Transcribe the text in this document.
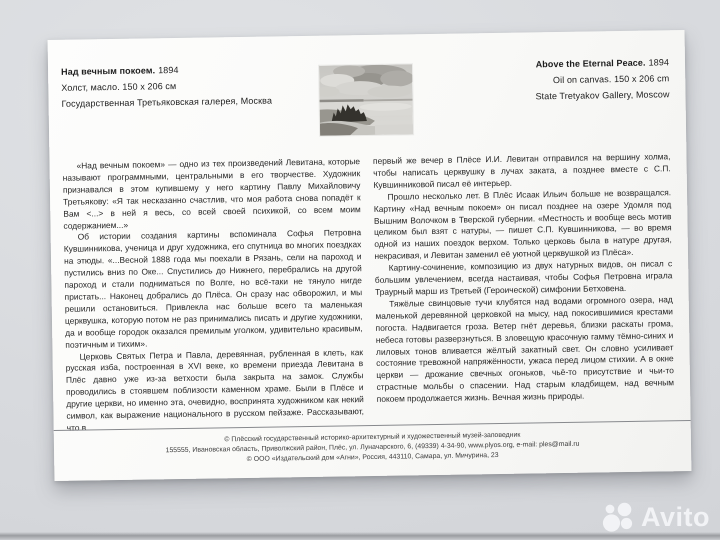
Над вечным покоем. 1894
Холст, масло. 150 х 206 см
Государственная Третьяковская галерея, Москва
Above the Eternal Peace. 1894
Oil on canvas. 150 x 206 cm
State Tretyakov Gallery, Moscow

«Над вечным покоем» — одно из тех произведений Левитана, которые называют программными, центральными в его творчестве. Художник признавался в этом купившему у него картину Павлу Михайловичу Третьякову: «Я так несказанно счастлив, что моя работа снова попадёт к Вам <...> в ней я весь, со всей своей психикой, со всем моим содержанием...»

Об истории создания картины вспоминала Софья Петровна Кувшинникова, ученица и друг художника, его спутница во многих поездках на этюды. «...Весной 1888 года мы поехали в Рязань, сели на пароход и пустились вниз по Оке... Спустились до Нижнего, перебрались на другой пароход и стали подниматься по Волге, но всё-таки не тянуло нигде пристать... Наконец добрались до Плёса. Он сразу нас обворожил, и мы решили остановиться. Привлекла нас больше всего та маленькая церквушка, которую потом не раз принимались писать и другие художники, да и вообще городок оказался премилым уголком, удивительно красивым, поэтичным и тихим».

Церковь Святых Петра и Павла, деревянная, рубленная в клеть, как русская изба, построенная в XVI веке, ко времени приезда Левитана в Плёс давно уже из-за ветхости была закрыта на замок. Службы проводились в стоявшем поблизости каменном храме. Были в Плёсе и другие церкви, но именно эта, очевидно, воспринята художником как некий символ, как выражение национального в русском пейзаже. Рассказывают, что в

первый же вечер в Плёсе И.И. Левитан отправился на вершину холма, чтобы написать церквушку в лучах заката, а позднее вместе с С.П. Кувшинниковой писал её интерьер.

Прошло несколько лет. В Плёс Исаак Ильич больше не возвращался. Картину «Над вечным покоем» он писал позднее на озере Удомля под Вышним Волочком в Тверской губернии. «Местность и вообще весь мотив целиком был взят с натуры, — пишет С.П. Кувшинникова, — во время одной из наших поездок верхом. Только церковь была в натуре другая, некрасивая, и Левитан заменил её уютной церквушкой из Плёса».

Картину-сочинение, композицию из двух натурных видов, он писал с большим увлечением, всегда настаивая, чтобы Софья Петровна играла Траурный марш из Третьей (Героической) симфонии Бетховена.

Тяжёлые свинцовые тучи клубятся над водами огромного озера, над маленькой деревянной церковкой на мысу, над покосившимися крестами погоста. Надвигается гроза. Ветер гнёт деревья, близки раскаты грома, небеса готовы разверзнуться. В зловещую красочную гамму тёмно-синих и лиловых тонов вливается жёлтый закатный свет. Он словно усиливает состояние тревожной напряжённости, ужаса перед лицом стихии. А в окне церкви — дрожание свечных огоньков, чьё-то присутствие и чьи-то страстные мольбы о спасении. Над старым кладбищем, над вечным покоем продолжается жизнь. Вечная жизнь природы.

© Плёсский государственный историко-архитектурный и художественный музей-заповедник
155555, Ивановская область, Приволжский район, Плёс, ул. Луначарского, 6, (49339) 4-34-90, www.plyos.org, e-mail: ples@mail.ru
© ООО «Издательский дом «Агни», Россия, 443110, Самара, ул. Мичурина, 23
Avito
